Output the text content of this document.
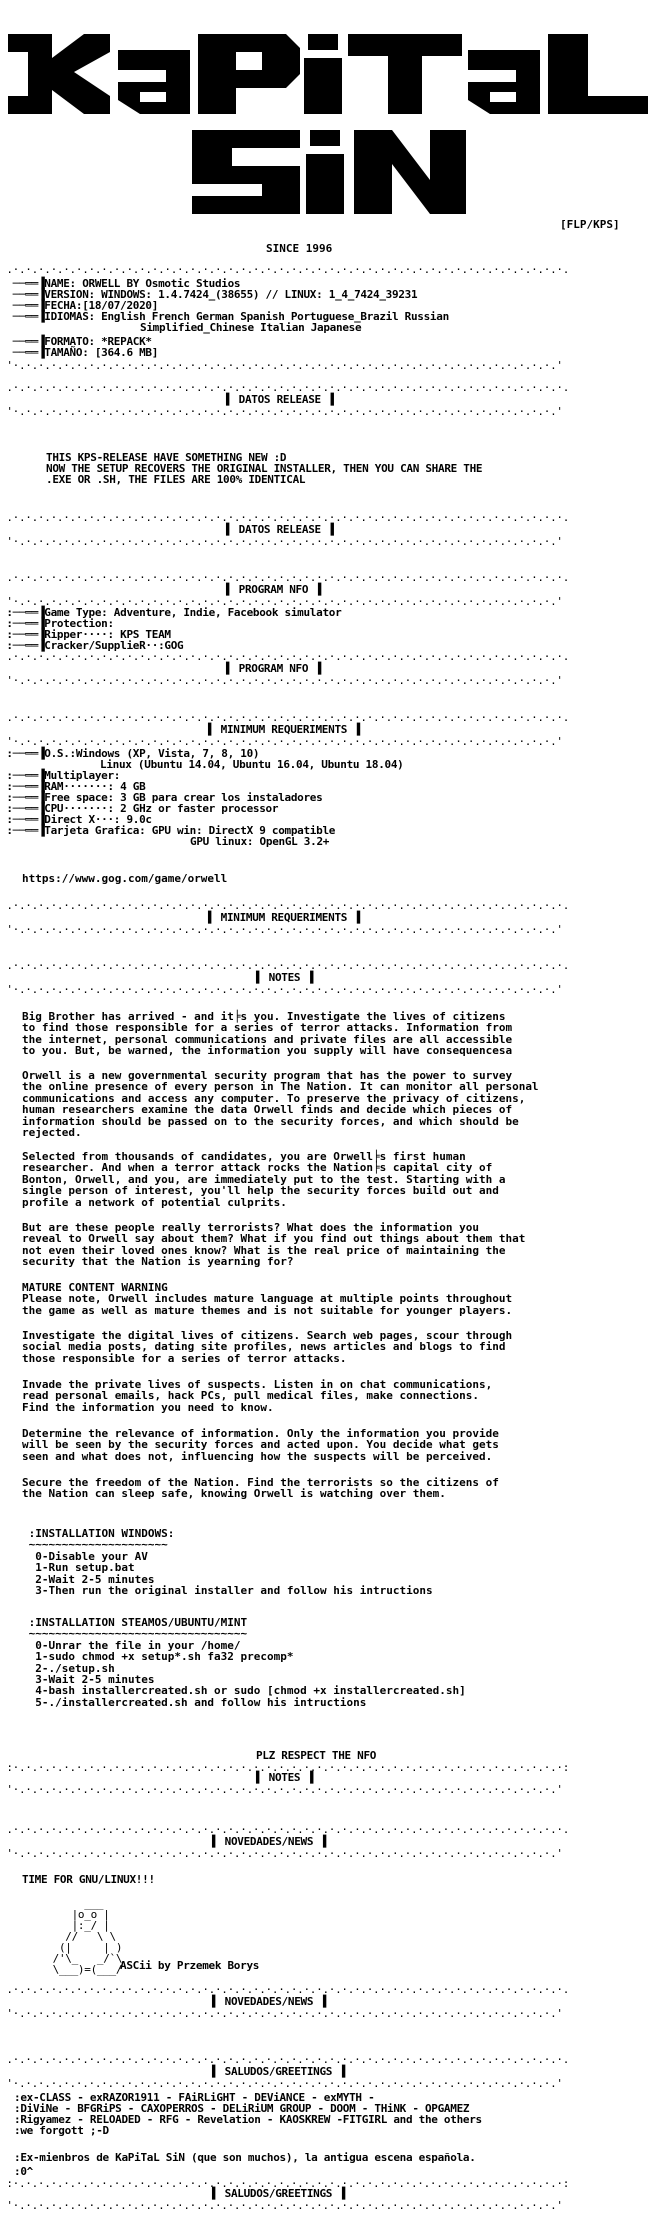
[FLP/KPS]
SINCE 1996
.·.·.·.·.·.·.·.·.·.·.·.·.·.·.·.·.·.·.·.·.·.·.·.·.·.·.·.·.·.·.·.·.·.·.·.·.·.·.·.·.·.·.·.·.
──══▐NAME: ORWELL BY Osmotic Studios
──══▐VERSION: WINDOWS: 1.4.7424_(38655) // LINUX: 1_4_7424_39231
──══▐FECHA:[18/07/2020]
──══▐IDIOMAS: English French German Spanish Portuguese_Brazil Russian
Simplified_Chinese Italian Japanese
──══▐FORMATO: *REPACK*
──══▐TAMAÑO: [364.6 MB]
'·.·.·.·.·.·.·.·.·.·.·.·.·.·.·.·.·.·.·.·.·.·.·.·.·.·.·.·.·.·.·.·.·.·.·.·.·.·.·.·.·.·.·.'
.·.·.·.·.·.·.·.·.·.·.·.·.·.·.·.·.·.·.·.·.·.·.·.·.·.·.·.·.·.·.·.·.·.·.·.·.·.·.·.·.·.·.·.·.
▌ DATOS RELEASE ▐
'·.·.·.·.·.·.·.·.·.·.·.·.·.·.·.·.·.·.·.·.·.·.·.·.·.·.·.·.·.·.·.·.·.·.·.·.·.·.·.·.·.·.·.'
THIS KPS-RELEASE HAVE SOMETHING NEW :D
NOW THE SETUP RECOVERS THE ORIGINAL INSTALLER, THEN YOU CAN SHARE THE
.EXE OR .SH, THE FILES ARE 100% IDENTICAL
.·.·.·.·.·.·.·.·.·.·.·.·.·.·.·.·.·.·.·.·.·.·.·.·.·.·.·.·.·.·.·.·.·.·.·.·.·.·.·.·.·.·.·.·.
▌ DATOS RELEASE ▐
'·.·.·.·.·.·.·.·.·.·.·.·.·.·.·.·.·.·.·.·.·.·.·.·.·.·.·.·.·.·.·.·.·.·.·.·.·.·.·.·.·.·.·.'
.·.·.·.·.·.·.·.·.·.·.·.·.·.·.·.·.·.·.·.·.·.·.·.·.·.·.·.·.·.·.·.·.·.·.·.·.·.·.·.·.·.·.·.·.
▌ PROGRAM NFO ▐
'·.·.·.·.·.·.·.·.·.·.·.·.·.·.·.·.·.·.·.·.·.·.·.·.·.·.·.·.·.·.·.·.·.·.·.·.·.·.·.·.·.·.·.'
:──══▐Game Type: Adventure, Indie, Facebook simulator
:──══▐Protection:
:──══▐Ripper····: KPS TEAM
:──══▐Cracker/SupplieR··:GOG
.·.·.·.·.·.·.·.·.·.·.·.·.·.·.·.·.·.·.·.·.·.·.·.·.·.·.·.·.·.·.·.·.·.·.·.·.·.·.·.·.·.·.·.·.
▌ PROGRAM NFO ▐
'·.·.·.·.·.·.·.·.·.·.·.·.·.·.·.·.·.·.·.·.·.·.·.·.·.·.·.·.·.·.·.·.·.·.·.·.·.·.·.·.·.·.·.'
.·.·.·.·.·.·.·.·.·.·.·.·.·.·.·.·.·.·.·.·.·.·.·.·.·.·.·.·.·.·.·.·.·.·.·.·.·.·.·.·.·.·.·.·.
▌ MINIMUM REQUERIMENTS ▐
'·.·.·.·.·.·.·.·.·.·.·.·.·.·.·.·.·.·.·.·.·.·.·.·.·.·.·.·.·.·.·.·.·.·.·.·.·.·.·.·.·.·.·.'
:──══▐O.S.:Windows (XP, Vista, 7, 8, 10)
Linux (Ubuntu 14.04, Ubuntu 16.04, Ubuntu 18.04)
:──══▐Multiplayer:
:──══▐RAM·······: 4 GB
:──══▐Free space: 3 GB para crear los instaladores
:──══▐CPU·······: 2 GHz or faster processor
:──══▐Direct X···: 9.0c
:──══▐Tarjeta Grafica: GPU win: DirectX 9 compatible
GPU linux: OpenGL 3.2+
https://www.gog.com/game/orwell
.·.·.·.·.·.·.·.·.·.·.·.·.·.·.·.·.·.·.·.·.·.·.·.·.·.·.·.·.·.·.·.·.·.·.·.·.·.·.·.·.·.·.·.·.
▌ MINIMUM REQUERIMENTS ▐
'·.·.·.·.·.·.·.·.·.·.·.·.·.·.·.·.·.·.·.·.·.·.·.·.·.·.·.·.·.·.·.·.·.·.·.·.·.·.·.·.·.·.·.'
.·.·.·.·.·.·.·.·.·.·.·.·.·.·.·.·.·.·.·.·.·.·.·.·.·.·.·.·.·.·.·.·.·.·.·.·.·.·.·.·.·.·.·.·.
▌ NOTES ▐
'·.·.·.·.·.·.·.·.·.·.·.·.·.·.·.·.·.·.·.·.·.·.·.·.·.·.·.·.·.·.·.·.·.·.·.·.·.·.·.·.·.·.·.'
Big Brother has arrived - and it╞s you. Investigate the lives of citizens
to find those responsible for a series of terror attacks. Information from
the internet, personal communications and private files are all accessible
to you. But, be warned, the information you supply will have consequencesa
Orwell is a new governmental security program that has the power to survey
the online presence of every person in The Nation. It can monitor all personal
communications and access any computer. To preserve the privacy of citizens,
human researchers examine the data Orwell finds and decide which pieces of
information should be passed on to the security forces, and which should be
rejected.
Selected from thousands of candidates, you are Orwell╞s first human
researcher. And when a terror attack rocks the Nation╞s capital city of
Bonton, Orwell, and you, are immediately put to the test. Starting with a
single person of interest, you'll help the security forces build out and
profile a network of potential culprits.
But are these people really terrorists? What does the information you
reveal to Orwell say about them? What if you find out things about them that
not even their loved ones know? What is the real price of maintaining the
security that the Nation is yearning for?
MATURE CONTENT WARNING
Please note, Orwell includes mature language at multiple points throughout
the game as well as mature themes and is not suitable for younger players.
Investigate the digital lives of citizens. Search web pages, scour through
social media posts, dating site profiles, news articles and blogs to find
those responsible for a series of terror attacks.
Invade the private lives of suspects. Listen in on chat communications,
read personal emails, hack PCs, pull medical files, make connections.
Find the information you need to know.
Determine the relevance of information. Only the information you provide
will be seen by the security forces and acted upon. You decide what gets
seen and what does not, influencing how the suspects will be perceived.
Secure the freedom of the Nation. Find the terrorists so the citizens of
the Nation can sleep safe, knowing Orwell is watching over them.
:INSTALLATION WINDOWS:
~~~~~~~~~~~~~~~~~~~~~
0-Disable your AV
1-Run setup.bat
2-Wait 2-5 minutes
3-Then run the original installer and follow his intructions
:INSTALLATION STEAMOS/UBUNTU/MINT
~~~~~~~~~~~~~~~~~~~~~~~~~~~~~~~~~
0-Unrar the file in your /home/
1-sudo chmod +x setup*.sh fa32 precomp*
2-./setup.sh
3-Wait 2-5 minutes
4-bash installercreated.sh or sudo [chmod +x installercreated.sh]
5-./installercreated.sh and follow his intructions
PLZ RESPECT THE NFO
:·.·.·.·.·.·.·.·.·.·.·.·.·.·.·.·.·.·.·.·.·.·.·.·.·.·.·.·.·.·.·.·.·.·.·.·.·.·.·.·.·.·.·.·:
▌ NOTES ▐
'·.·.·.·.·.·.·.·.·.·.·.·.·.·.·.·.·.·.·.·.·.·.·.·.·.·.·.·.·.·.·.·.·.·.·.·.·.·.·.·.·.·.·.'
.·.·.·.·.·.·.·.·.·.·.·.·.·.·.·.·.·.·.·.·.·.·.·.·.·.·.·.·.·.·.·.·.·.·.·.·.·.·.·.·.·.·.·.·.
▌ NOVEDADES/NEWS ▐
'·.·.·.·.·.·.·.·.·.·.·.·.·.·.·.·.·.·.·.·.·.·.·.·.·.·.·.·.·.·.·.·.·.·.·.·.·.·.·.·.·.·.·.'
TIME FOR GNU/LINUX!!!
___
|o_o |
|:_/ |
//   \ \
(|     | )
/'\_   _/`\
\___)=(___/
ASCii by Przemek Borys
.·.·.·.·.·.·.·.·.·.·.·.·.·.·.·.·.·.·.·.·.·.·.·.·.·.·.·.·.·.·.·.·.·.·.·.·.·.·.·.·.·.·.·.·.
▌ NOVEDADES/NEWS ▐
'·.·.·.·.·.·.·.·.·.·.·.·.·.·.·.·.·.·.·.·.·.·.·.·.·.·.·.·.·.·.·.·.·.·.·.·.·.·.·.·.·.·.·.'
.·.·.·.·.·.·.·.·.·.·.·.·.·.·.·.·.·.·.·.·.·.·.·.·.·.·.·.·.·.·.·.·.·.·.·.·.·.·.·.·.·.·.·.·.
▌ SALUDOS/GREETINGS ▐
'·.·.·.·.·.·.·.·.·.·.·.·.·.·.·.·.·.·.·.·.·.·.·.·.·.·.·.·.·.·.·.·.·.·.·.·.·.·.·.·.·.·.·.'
:ex-CLASS - exRAZOR1911 - FAiRLiGHT - DEViANCE - exMYTH -
:DiViNe - BFGRiPS - CAXOPERROS - DELiRiUM GROUP - DOOM - THiNK - OPGAMEZ
:Rigyamez - RELOADED - RFG - Revelation - KAOSKREW -FITGIRL and the others
:we forgott ;-D
:Ex-mienbros de KaPiTaL SiN (que son muchos), la antigua escena española.
:0^
:·.·.·.·.·.·.·.·.·.·.·.·.·.·.·.·.·.·.·.·.·.·.·.·.·.·.·.·.·.·.·.·.·.·.·.·.·.·.·.·.·.·.·.·:
▌ SALUDOS/GREETINGS ▐
'·.·.·.·.·.·.·.·.·.·.·.·.·.·.·.·.·.·.·.·.·.·.·.·.·.·.·.·.·.·.·.·.·.·.·.·.·.·.·.·.·.·.·.'
